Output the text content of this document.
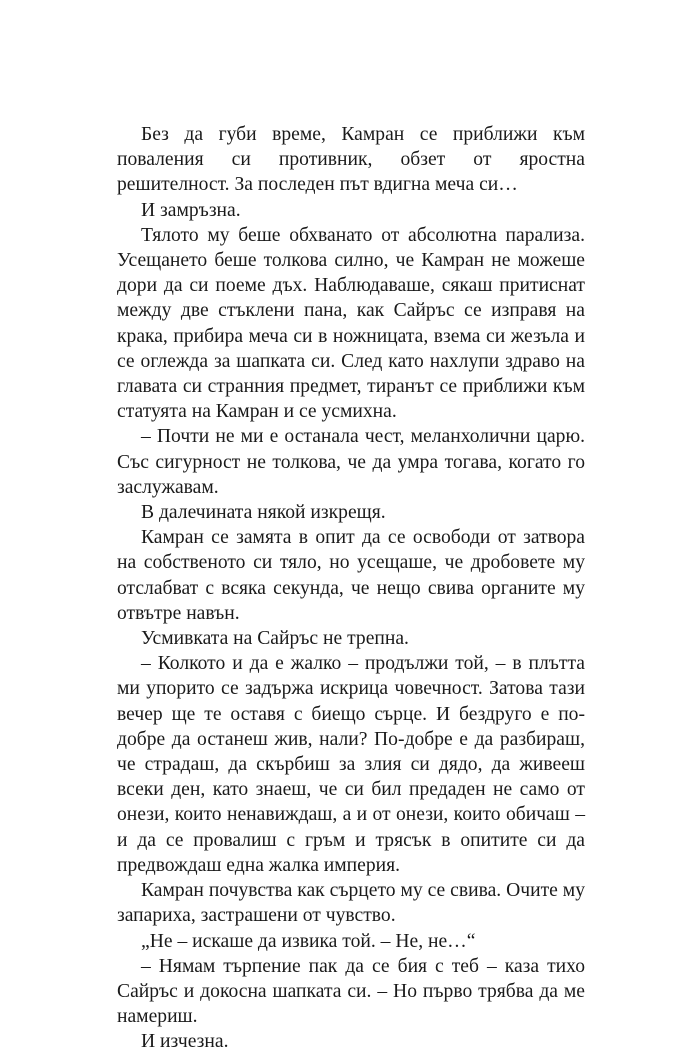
Без да губи време, Камран се приближи към поваления си противник, обзет от яростна решителност. За последен път вдигна меча си…

И замръзна.

Тялото му беше обхванато от абсолютна парализа. Усещането беше толкова силно, че Камран не можеше дори да си поеме дъх. Наблюдаваше, сякаш притиснат между две стъклени пана, как Сайръс се изправя на крака, прибира меча си в ножницата, взема си жезъла и се оглежда за шапката си. След като нахлупи здраво на главата си странния предмет, тиранът се приближи към статуята на Камран и се усмихна.

– Почти не ми е останала чест, меланхолични царю. Със сигурност не толкова, че да умра тогава, когато го заслужавам.

В далечината някой изкрещя.

Камран се замята в опит да се освободи от затвора на собственото си тяло, но усещаше, че дробовете му отслабват с всяка секунда, че нещо свива органите му отвътре навън.

Усмивката на Сайръс не трепна.

– Колкото и да е жалко – продължи той, – в плътта ми упорито се задържа искрица човечност. Затова тази вечер ще те оставя с биещо сърце. И бездруго е по-добре да останеш жив, нали? По-добре е да разбираш, че страдаш, да скърбиш за злия си дядо, да живееш всеки ден, като знаеш, че си бил предаден не само от онези, които ненавиждаш, а и от онези, които обичаш – и да се провалиш с гръм и трясък в опитите си да предвождаш една жалка империя.

Камран почувства как сърцето му се свива. Очите му запариха, застрашени от чувство.

„Не – искаше да извика той. – Не, не…“

– Нямам търпение пак да се бия с теб – каза тихо Сайръс и докосна шапката си. – Но първо трябва да ме намериш.

И изчезна.
